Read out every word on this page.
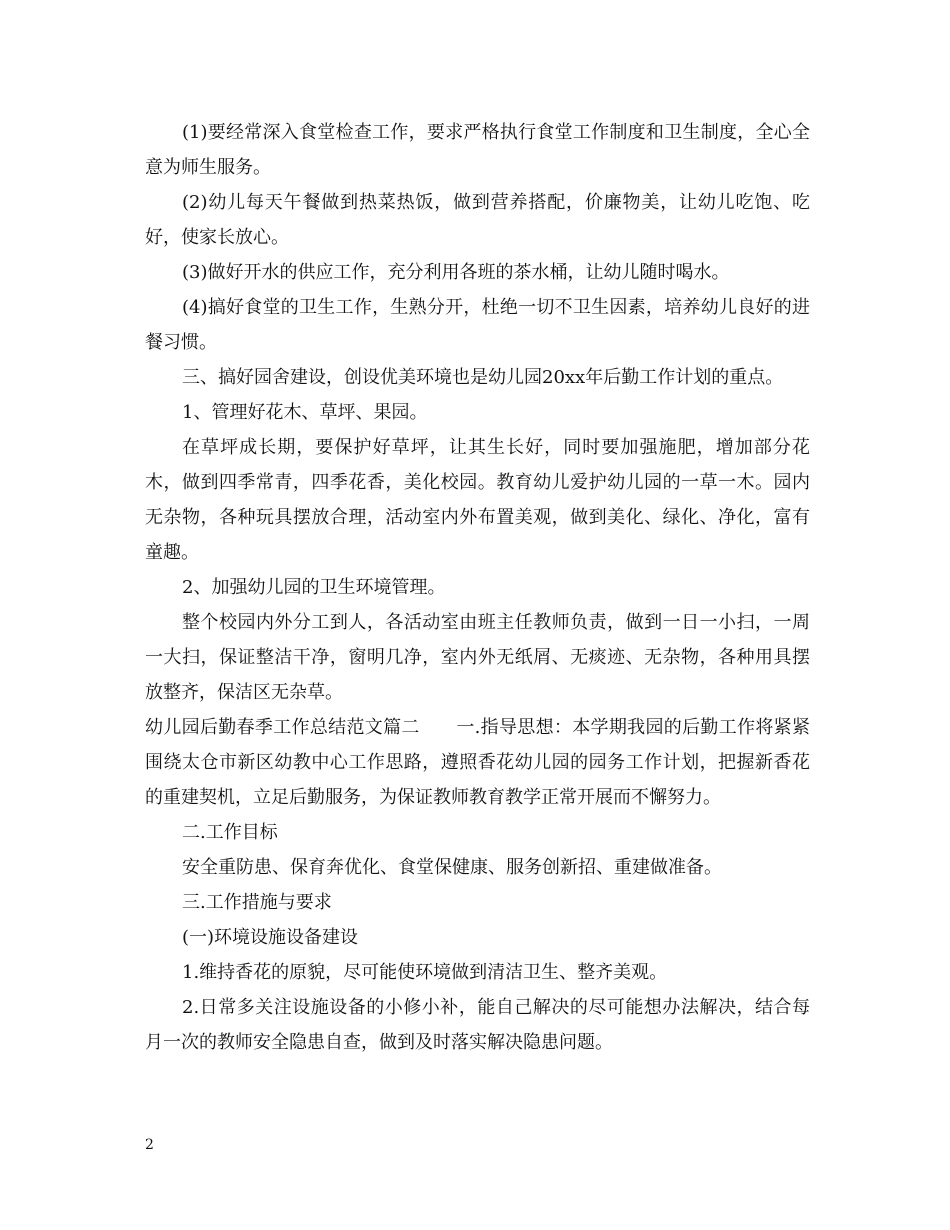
(1)要经常深入食堂检查工作，要求严格执行食堂工作制度和卫生制度，全心全意为师生服务。

(2)幼儿每天午餐做到热菜热饭，做到营养搭配，价廉物美，让幼儿吃饱、吃好，使家长放心。

(3)做好开水的供应工作，充分利用各班的茶水桶，让幼儿随时喝水。

(4)搞好食堂的卫生工作，生熟分开，杜绝一切不卫生因素，培养幼儿良好的进餐习惯。

三、搞好园舍建设，创设优美环境也是幼儿园20xx年后勤工作计划的重点。

1、管理好花木、草坪、果园。

在草坪成长期，要保护好草坪，让其生长好，同时要加强施肥，增加部分花木，做到四季常青，四季花香，美化校园。教育幼儿爱护幼儿园的一草一木。园内无杂物，各种玩具摆放合理，活动室内外布置美观，做到美化、绿化、净化，富有童趣。

2、加强幼儿园的卫生环境管理。

整个校园内外分工到人，各活动室由班主任教师负责，做到一日一小扫，一周一大扫，保证整洁干净，窗明几净，室内外无纸屑、无痰迹、无杂物，各种用具摆放整齐，保洁区无杂草。

幼儿园后勤春季工作总结范文篇二　　一.指导思想：本学期我园的后勤工作将紧紧围绕太仓市新区幼教中心工作思路，遵照香花幼儿园的园务工作计划，把握新香花的重建契机，立足后勤服务，为保证教师教育教学正常开展而不懈努力。

二.工作目标

安全重防患、保育奔优化、食堂保健康、服务创新招、重建做准备。

三.工作措施与要求

(一)环境设施设备建设

1.维持香花的原貌，尽可能使环境做到清洁卫生、整齐美观。

2.日常多关注设施设备的小修小补，能自己解决的尽可能想办法解决，结合每月一次的教师安全隐患自查，做到及时落实解决隐患问题。

2
